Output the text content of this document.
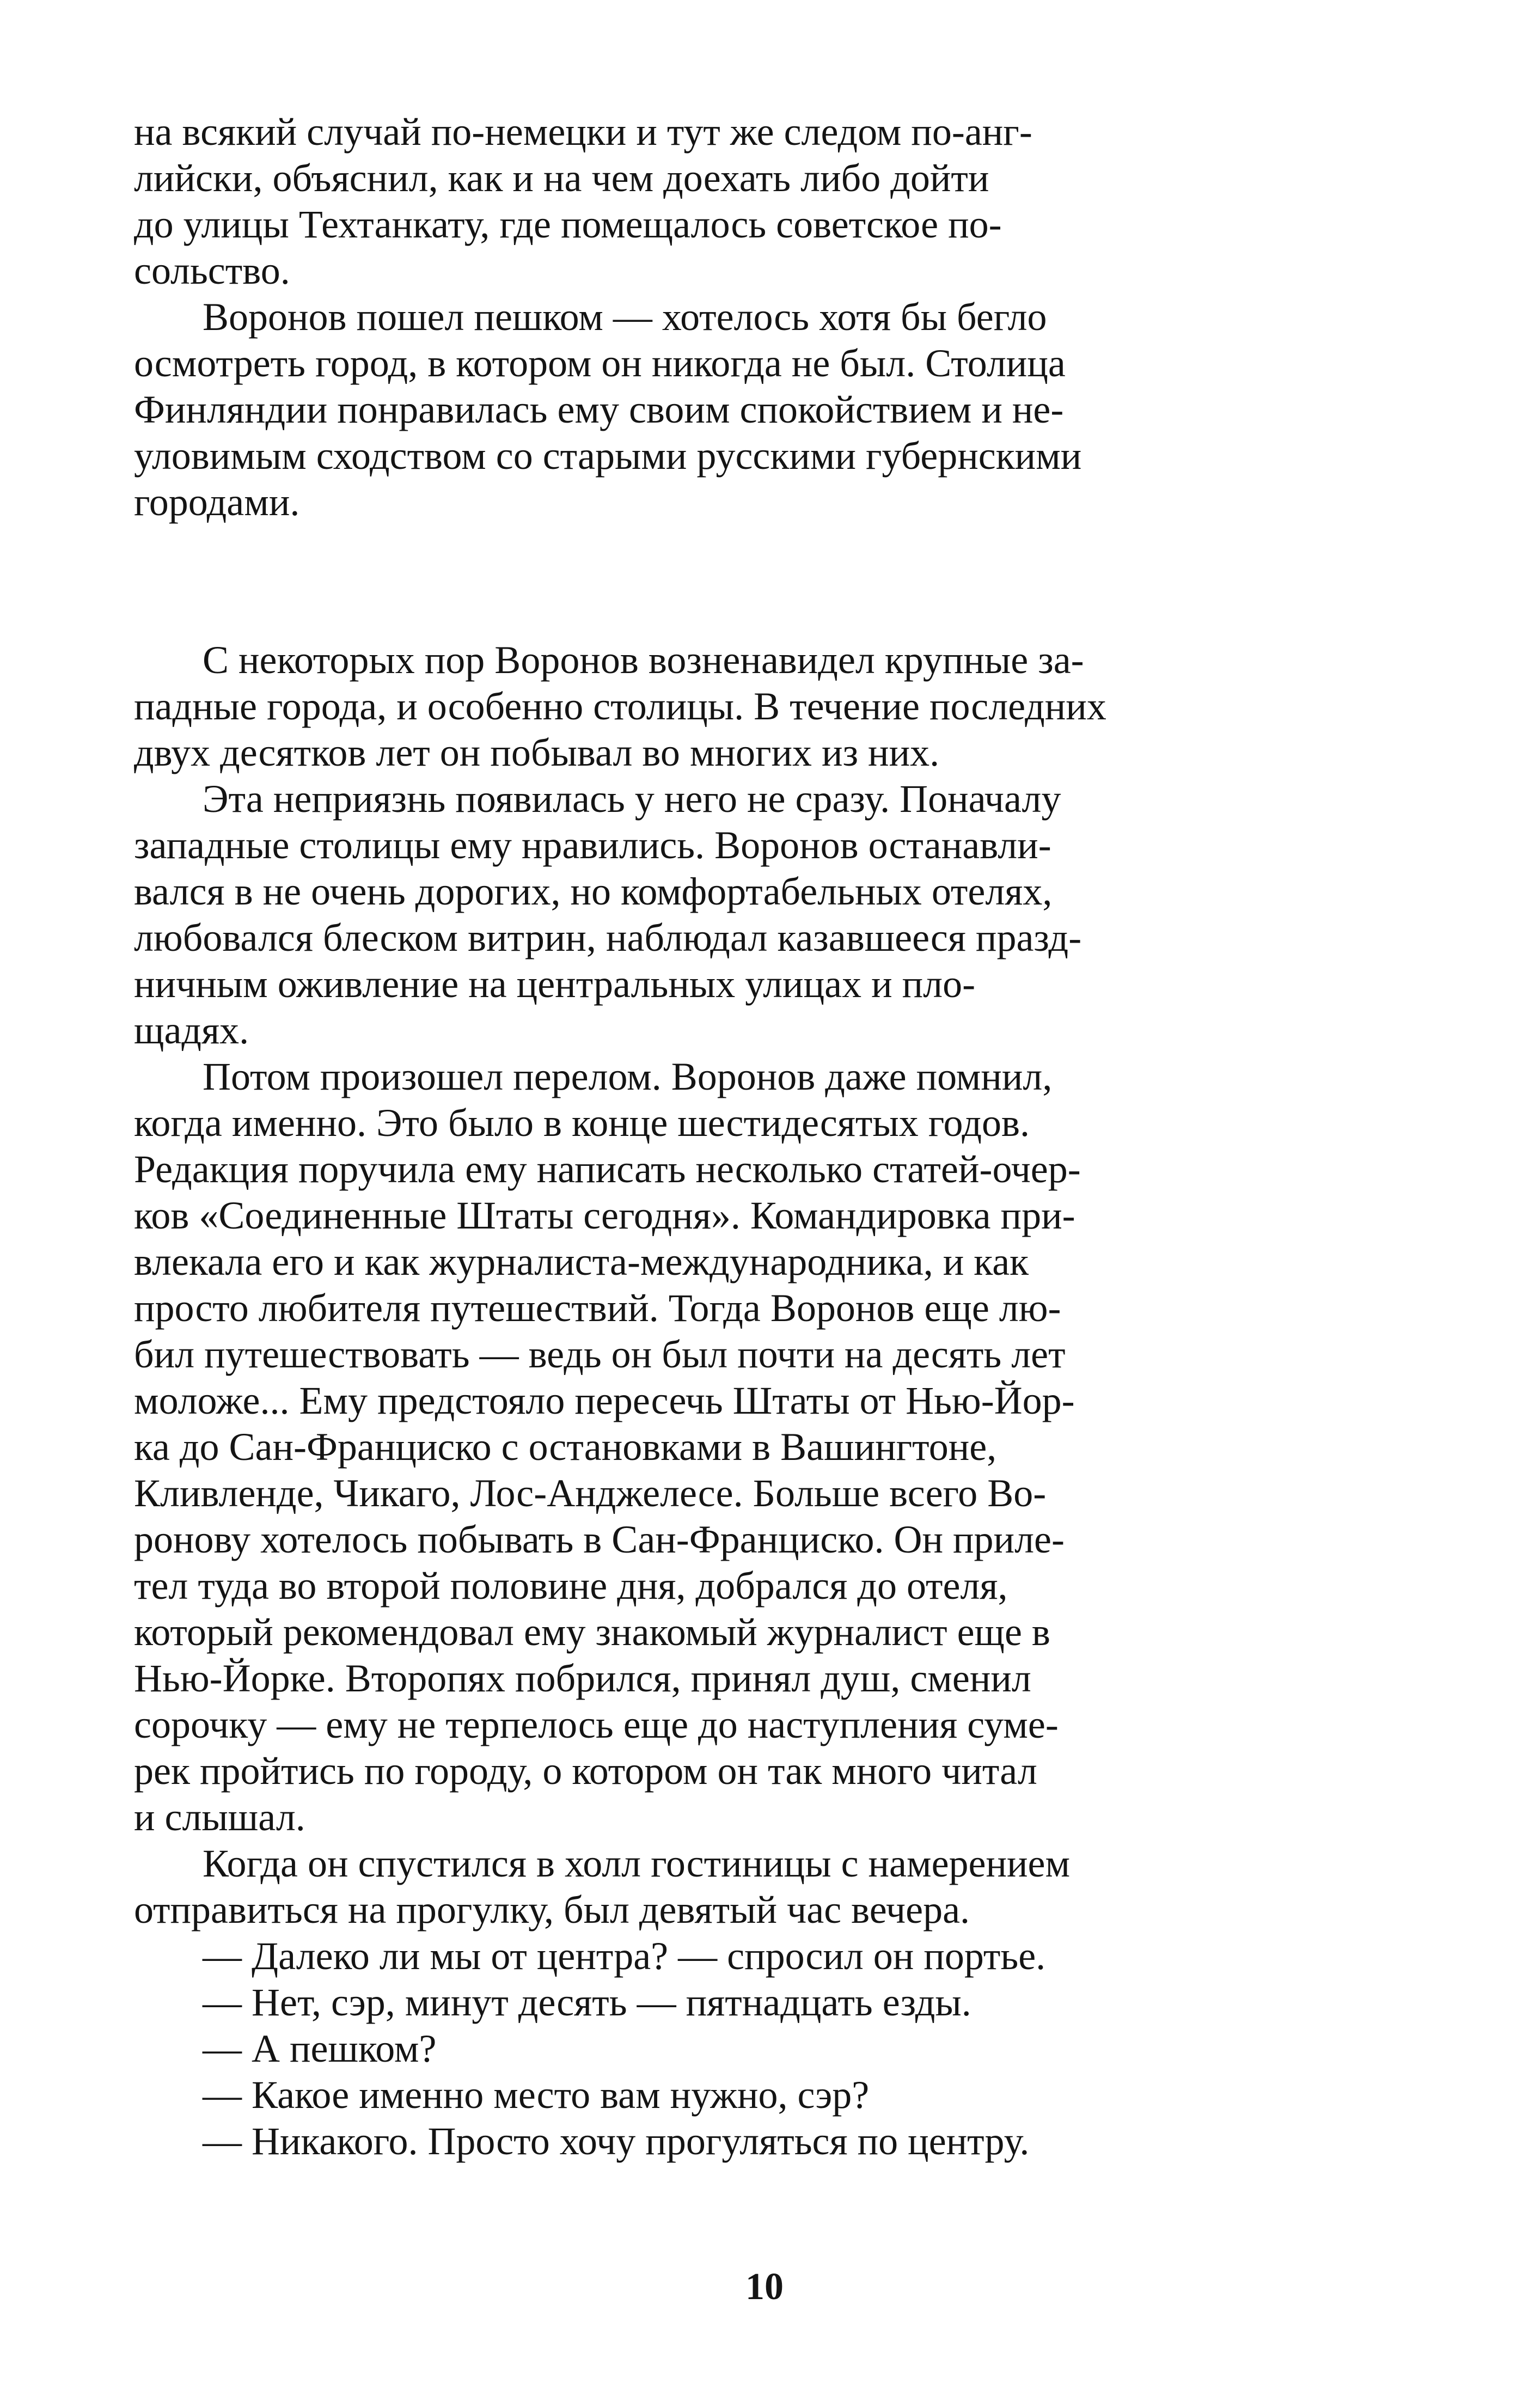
на всякий случай по-немецки и тут же следом по-анг-
лийски, объяснил, как и на чем доехать либо дойти
до улицы Техтанкату, где помещалось советское по-
сольство.

Воронов пошел пешком — хотелось хотя бы бегло
осмотреть город, в котором он никогда не был. Столица
Финляндии понравилась ему своим спокойствием и не-
уловимым сходством со старыми русскими губернскими
городами.

С некоторых пор Воронов возненавидел крупные за-
падные города, и особенно столицы. В течение последних
двух десятков лет он побывал во многих из них.

Эта неприязнь появилась у него не сразу. Поначалу
западные столицы ему нравились. Воронов останавли-
вался в не очень дорогих, но комфортабельных отелях,
любовался блеском витрин, наблюдал казавшееся празд-
ничным оживление на центральных улицах и пло-
щадях.

Потом произошел перелом. Воронов даже помнил,
когда именно. Это было в конце шестидесятых годов.
Редакция поручила ему написать несколько статей-очер-
ков «Соединенные Штаты сегодня». Командировка при-
влекала его и как журналиста-международника, и как
просто любителя путешествий. Тогда Воронов еще лю-
бил путешествовать — ведь он был почти на десять лет
моложе... Ему предстояло пересечь Штаты от Нью-Йор-
ка до Сан-Франциско с остановками в Вашингтоне,
Кливленде, Чикаго, Лос-Анджелесе. Больше всего Во-
ронову хотелось побывать в Сан-Франциско. Он приле-
тел туда во второй половине дня, добрался до отеля,
который рекомендовал ему знакомый журналист еще в
Нью-Йорке. Второпях побрился, принял душ, сменил
сорочку — ему не терпелось еще до наступления суме-
рек пройтись по городу, о котором он так много читал
и слышал.

Когда он спустился в холл гостиницы с намерением
отправиться на прогулку, был девятый час вечера.

— Далеко ли мы от центра? — спросил он портье.

— Нет, сэр, минут десять — пятнадцать езды.

— А пешком?

— Какое именно место вам нужно, сэр?

— Никакого. Просто хочу прогуляться по центру.

10
